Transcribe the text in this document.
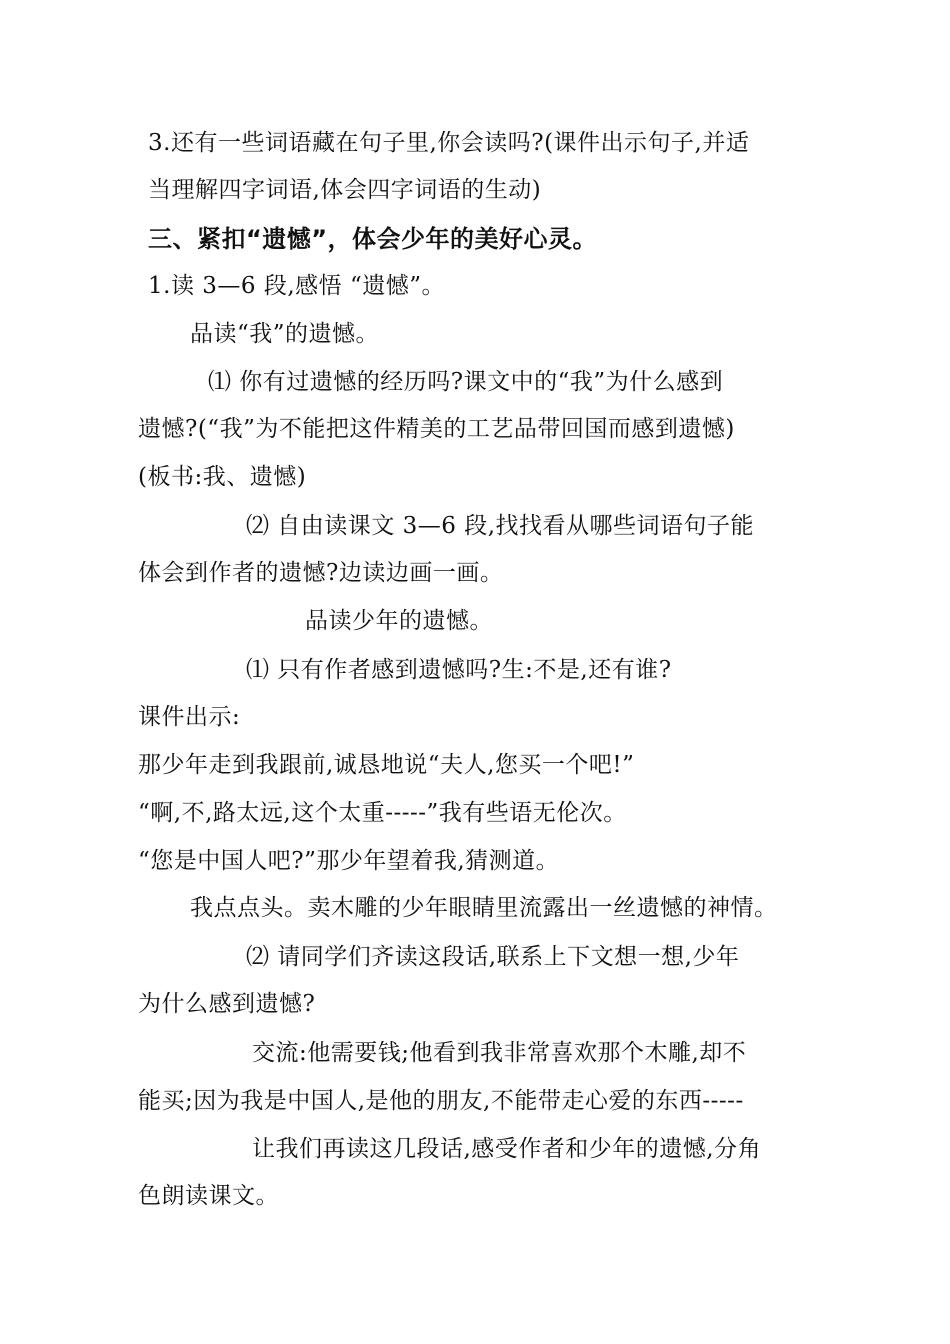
3.还有一些词语藏在句子里,你会读吗?(课件出示句子,并适
当理解四字词语,体会四字词语的生动)
三、紧扣“遗憾”，体会少年的美好心灵。
1.读 3—6 段,感悟 “遗憾”。
品读“我”的遗憾。
⑴ 你有过遗憾的经历吗?课文中的“我”为什么感到
遗憾?(“我”为不能把这件精美的工艺品带回国而感到遗憾)
(板书:我、遗憾)
⑵ 自由读课文 3—6 段,找找看从哪些词语句子能
体会到作者的遗憾?边读边画一画。
品读少年的遗憾。
⑴ 只有作者感到遗憾吗?生:不是,还有谁?
课件出示:
那少年走到我跟前,诚恳地说“夫人,您买一个吧!”
“啊,不,路太远,这个太重-----”我有些语无伦次。
“您是中国人吧?”那少年望着我,猜测道。
我点点头。卖木雕的少年眼睛里流露出一丝遗憾的神情。
⑵ 请同学们齐读这段话,联系上下文想一想,少年
为什么感到遗憾?
交流:他需要钱;他看到我非常喜欢那个木雕,却不
能买;因为我是中国人,是他的朋友,不能带走心爱的东西-----
让我们再读这几段话,感受作者和少年的遗憾,分角
色朗读课文。
